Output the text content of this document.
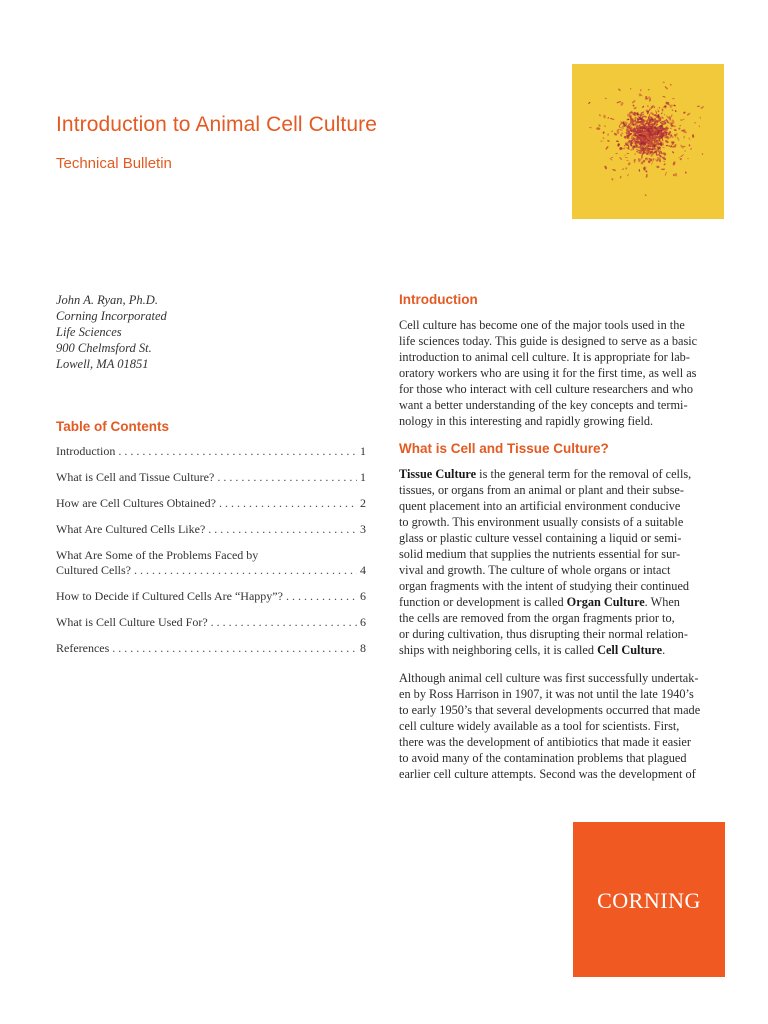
Introduction to Animal Cell Culture
Technical Bulletin
John A. Ryan, Ph.D.
Corning Incorporated
Life Sciences
900 Chelmsford St.
Lowell, MA 01851
Table of Contents
Introduction . . .	1
What is Cell and Tissue Culture? . . .	1
How are Cell Cultures Obtained? . . .	2
What Are Cultured Cells Like? . . .	3
What Are Some of the Problems Faced by
Cultured Cells? . . .	4
How to Decide if Cultured Cells Are “Happy”? . . .	6
What is Cell Culture Used For? . . .	6
References . . .	8
Introduction

Cell culture has become one of the major tools used in the
life sciences today. This guide is designed to serve as a basic
introduction to animal cell culture. It is appropriate for lab-
oratory workers who are using it for the first time, as well as
for those who interact with cell culture researchers and who
want a better understanding of the key concepts and termi-
nology in this interesting and rapidly growing field.

What is Cell and Tissue Culture?

Tissue Culture is the general term for the removal of cells,
tissues, or organs from an animal or plant and their subse-
quent placement into an artificial environment conducive
to growth. This environment usually consists of a suitable
glass or plastic culture vessel containing a liquid or semi-
solid medium that supplies the nutrients essential for sur-
vival and growth. The culture of whole organs or intact
organ fragments with the intent of studying their continued
function or development is called Organ Culture. When
the cells are removed from the organ fragments prior to,
or during cultivation, thus disrupting their normal relation-
ships with neighboring cells, it is called Cell Culture.

Although animal cell culture was first successfully undertak-
en by Ross Harrison in 1907, it was not until the late 1940’s
to early 1950’s that several developments occurred that made
cell culture widely available as a tool for scientists. First,
there was the development of antibiotics that made it easier
to avoid many of the contamination problems that plagued
earlier cell culture attempts. Second was the development of

CORNING
